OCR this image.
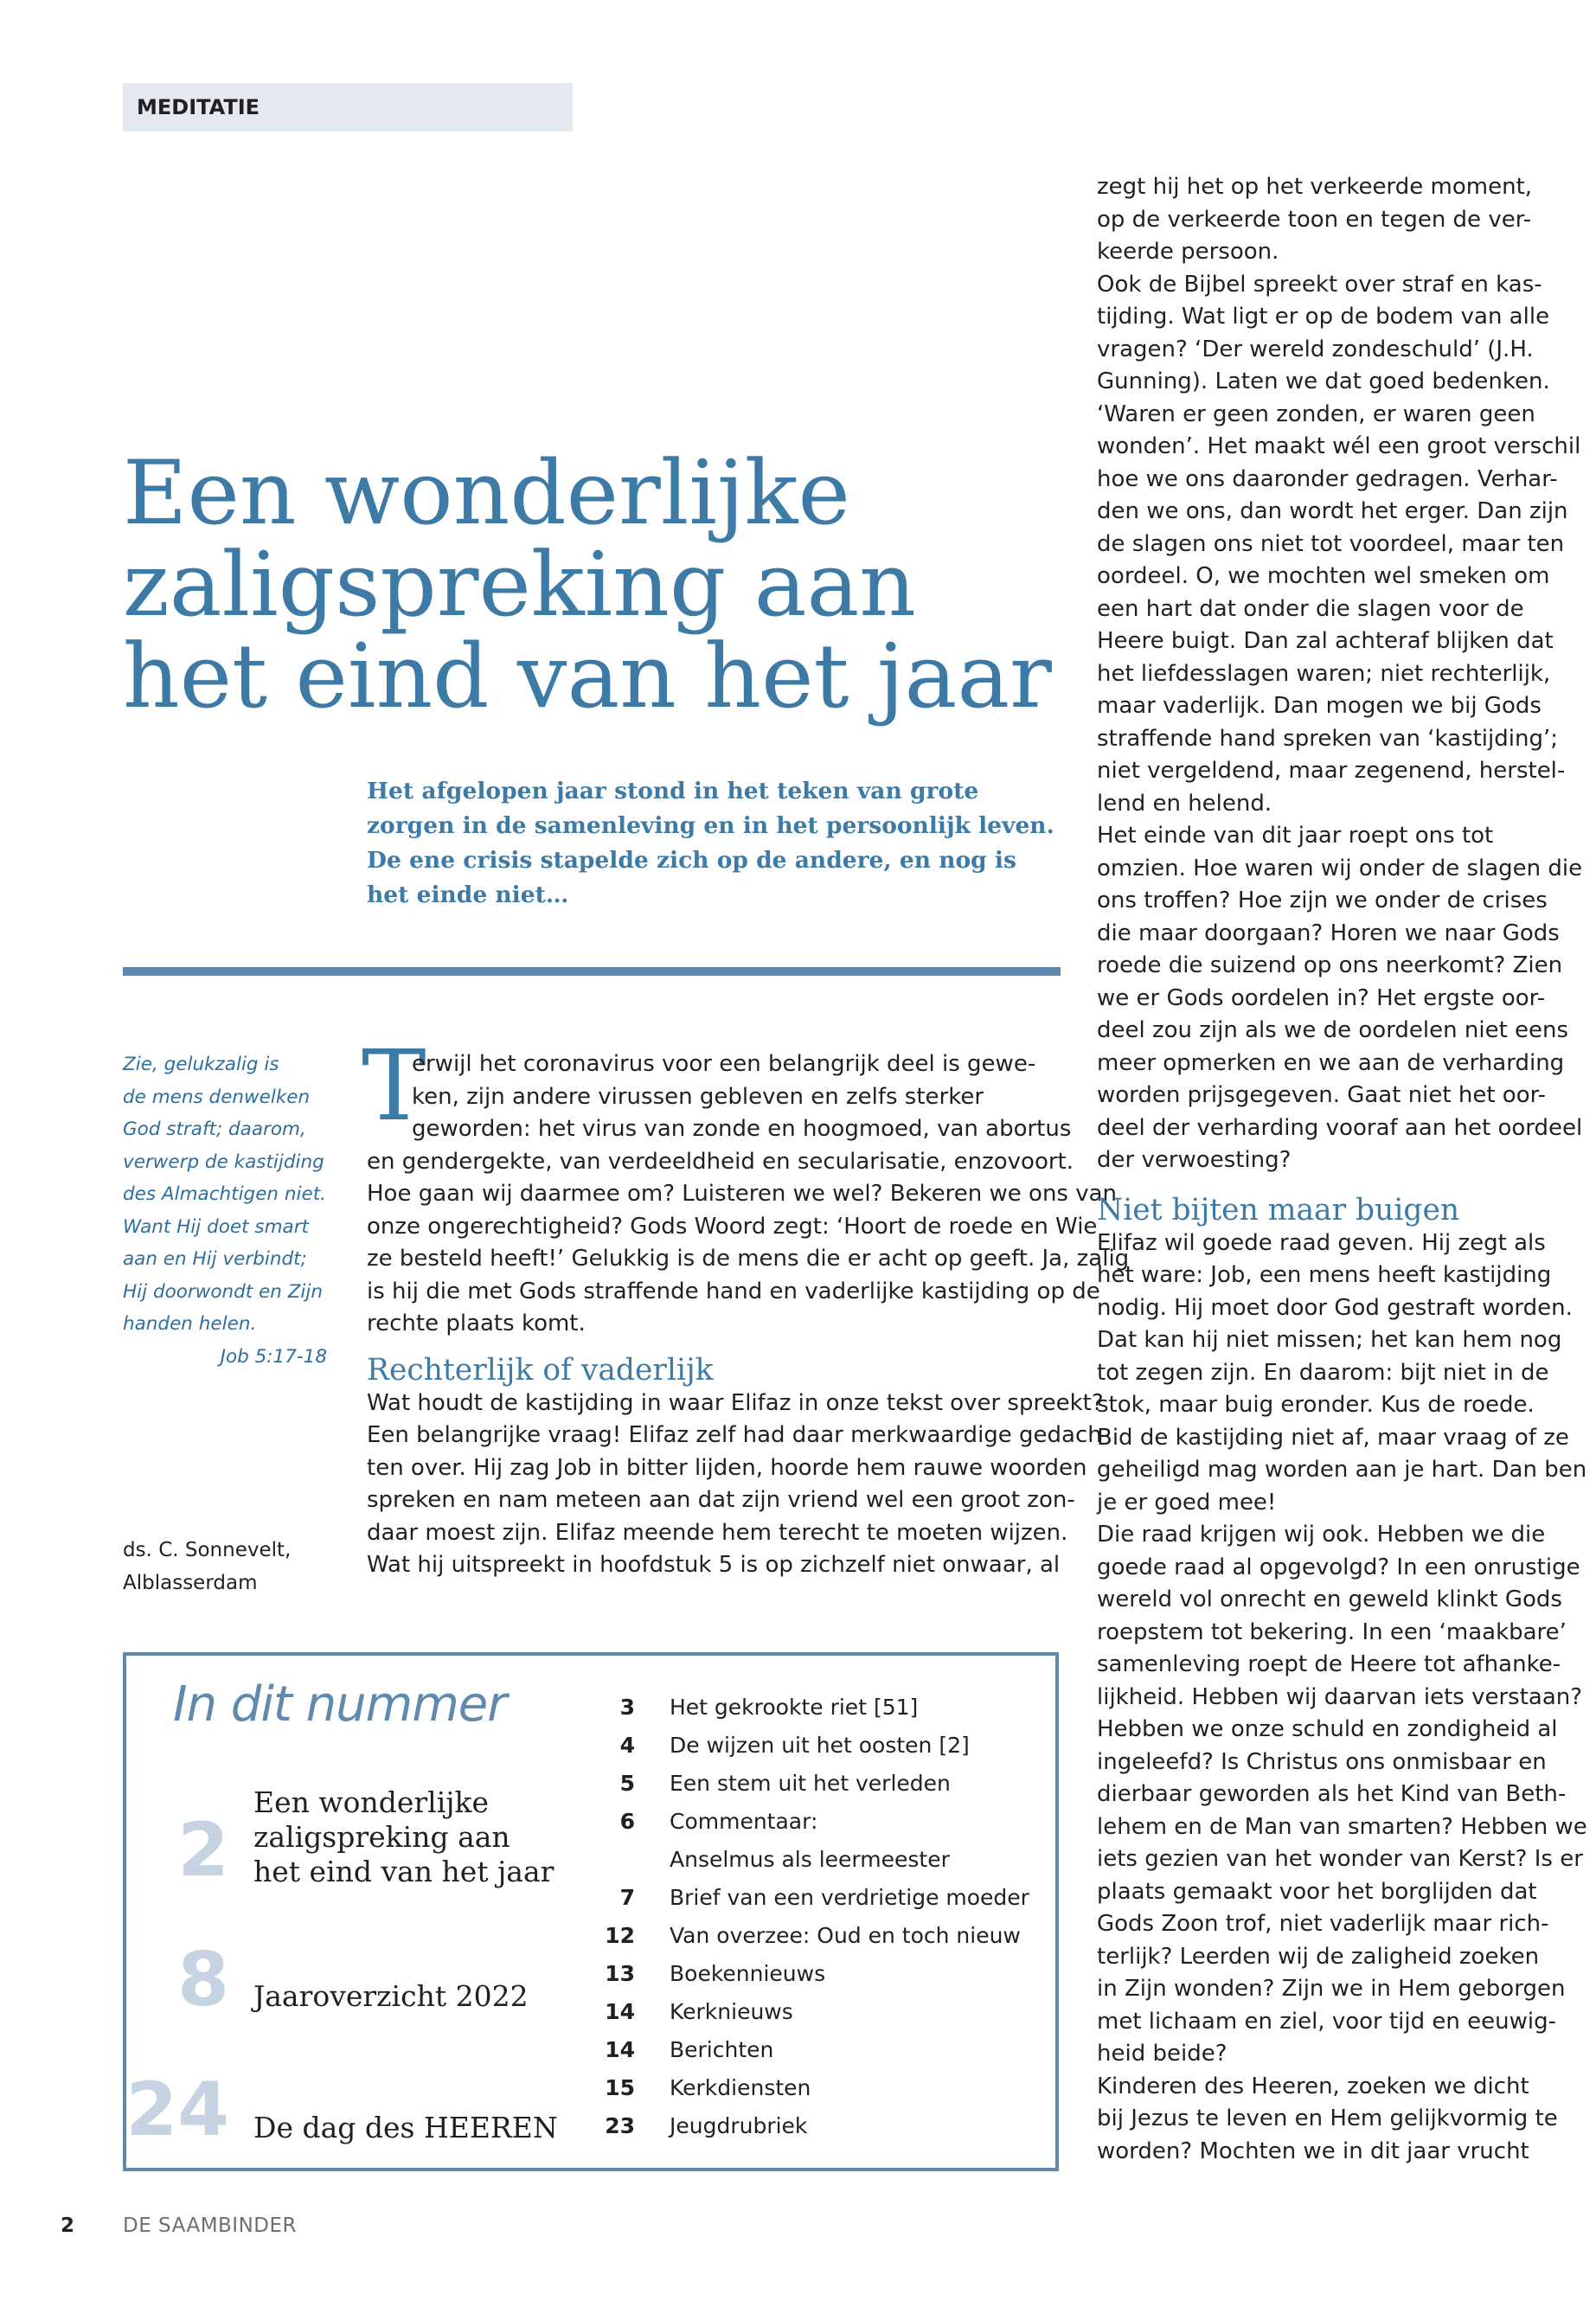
MEDITATIE
Een wonderlijke
zaligspreking aan
het eind van het jaar

Het afgelopen jaar stond in het teken van grote
zorgen in de samenleving en in het persoonlijk leven.
De ene crisis stapelde zich op de andere, en nog is
het einde niet…

Zie, gelukzalig is
de mens denwelken
God straft; daarom,
verwerp de kastijding
des Almachtigen niet.
Want Hij doet smart
aan en Hij verbindt;
Hij doorwondt en Zijn
handen helen.
Job 5:17-18
ds. C. Sonnevelt,
Alblasserdam
T
erwijl het coronavirus voor een belangrijk deel is gewe-
ken, zijn andere virussen gebleven en zelfs sterker
geworden: het virus van zonde en hoogmoed, van abortus
en gendergekte, van verdeeldheid en secularisatie, enzovoort.
Hoe gaan wij daarmee om? Luisteren we wel? Bekeren we ons van
onze ongerechtigheid? Gods Woord zegt: ‘Hoort de roede en Wie
ze besteld heeft!’ Gelukkig is de mens die er acht op geeft. Ja, zalig
is hij die met Gods straffende hand en vaderlijke kastijding op de
rechte plaats komt.
Rechterlijk of vaderlijk
Wat houdt de kastijding in waar Elifaz in onze tekst over spreekt?
Een belangrijke vraag! Elifaz zelf had daar merkwaardige gedach-
ten over. Hij zag Job in bitter lijden, hoorde hem rauwe woorden
spreken en nam meteen aan dat zijn vriend wel een groot zon-
daar moest zijn. Elifaz meende hem terecht te moeten wijzen.
Wat hij uitspreekt in hoofdstuk 5 is op zichzelf niet onwaar, al
zegt hij het op het verkeerde moment,
op de verkeerde toon en tegen de ver-
keerde persoon.
Ook de Bijbel spreekt over straf en kas-
tijding. Wat ligt er op de bodem van alle
vragen? ‘Der wereld zondeschuld’ (J.H.
Gunning). Laten we dat goed bedenken.
‘Waren er geen zonden, er waren geen
wonden’. Het maakt wél een groot verschil
hoe we ons daaronder gedragen. Verhar-
den we ons, dan wordt het erger. Dan zijn
de slagen ons niet tot voordeel, maar ten
oordeel. O, we mochten wel smeken om
een hart dat onder die slagen voor de
Heere buigt. Dan zal achteraf blijken dat
het liefdesslagen waren; niet rechterlijk,
maar vaderlijk. Dan mogen we bij Gods
straffende hand spreken van ‘kastijding’;
niet vergeldend, maar zegenend, herstel-
lend en helend.
Het einde van dit jaar roept ons tot
omzien. Hoe waren wij onder de slagen die
ons troffen? Hoe zijn we onder de crises
die maar doorgaan? Horen we naar Gods
roede die suizend op ons neerkomt? Zien
we er Gods oordelen in? Het ergste oor-
deel zou zijn als we de oordelen niet eens
meer opmerken en we aan de verharding
worden prijsgegeven. Gaat niet het oor-
deel der verharding vooraf aan het oordeel
der verwoesting?
Niet bijten maar buigen
Elifaz wil goede raad geven. Hij zegt als
het ware: Job, een mens heeft kastijding
nodig. Hij moet door God gestraft worden.
Dat kan hij niet missen; het kan hem nog
tot zegen zijn. En daarom: bijt niet in de
stok, maar buig eronder. Kus de roede.
Bid de kastijding niet af, maar vraag of ze
geheiligd mag worden aan je hart. Dan ben
je er goed mee!
Die raad krijgen wij ook. Hebben we die
goede raad al opgevolgd? In een onrustige
wereld vol onrecht en geweld klinkt Gods
roepstem tot bekering. In een ‘maakbare’
samenleving roept de Heere tot afhanke-
lijkheid. Hebben wij daarvan iets verstaan?
Hebben we onze schuld en zondigheid al
ingeleefd? Is Christus ons onmisbaar en
dierbaar geworden als het Kind van Beth-
lehem en de Man van smarten? Hebben we
iets gezien van het wonder van Kerst? Is er
plaats gemaakt voor het borglijden dat
Gods Zoon trof, niet vaderlijk maar rich-
terlijk? Leerden wij de zaligheid zoeken
in Zijn wonden? Zijn we in Hem geborgen
met lichaam en ziel, voor tijd en eeuwig-
heid beide?
Kinderen des Heeren, zoeken we dicht
bij Jezus te leven en Hem gelijkvormig te
worden? Mochten we in dit jaar vrucht
In dit nummer
2
Een wonderlijke
zaligspreking aan
het eind van het jaar
8 Jaaroverzicht 2022
24 De dag des HEEREN
3 Het gekrookte riet [51]
4 De wijzen uit het oosten [2]
5 Een stem uit het verleden
6 Commentaar:
Anselmus als leermeester
7 Brief van een verdrietige moeder
12 Van overzee: Oud en toch nieuw
13 Boekennieuws
14 Kerknieuws
14 Berichten
15 Kerkdiensten
23 Jeugdrubriek
2 DE SAAMBINDER
